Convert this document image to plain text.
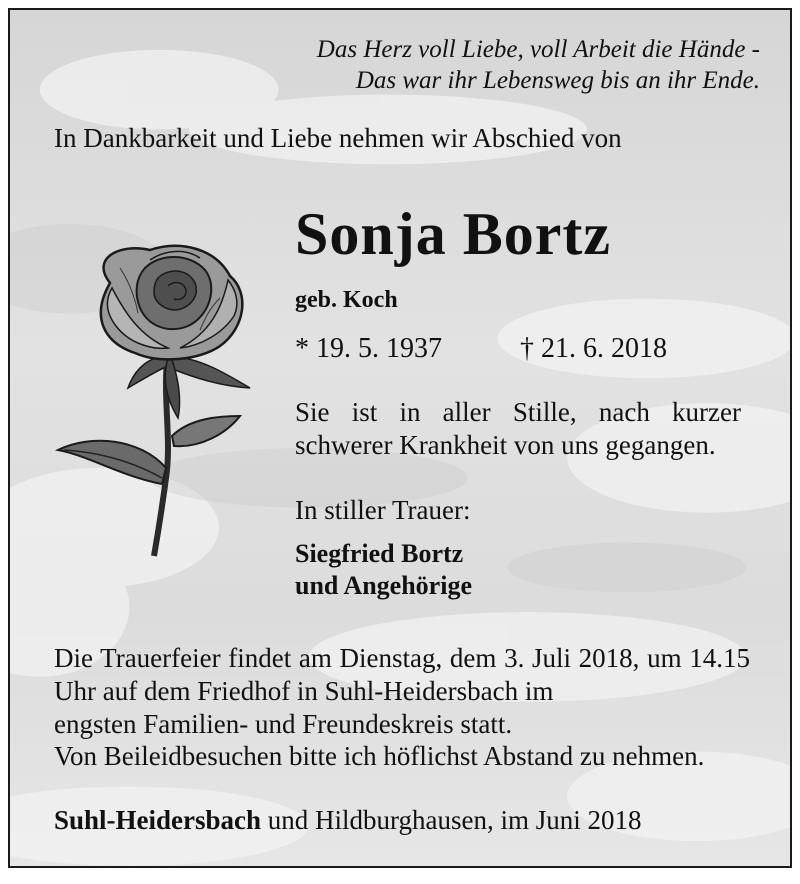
Das Herz voll Liebe, voll Arbeit die Hände -
Das war ihr Lebensweg bis an ihr Ende.
In Dankbarkeit und Liebe nehmen wir Abschied von
Sonja Bortz
geb. Koch
* 19. 5. 1937	† 21. 6. 2018
Sie ist in aller Stille, nach kurzer schwerer Krankheit von uns gegangen.
In stiller Trauer:
Siegfried Bortz
und Angehörige
Die Trauerfeier findet am Dienstag, dem 3. Juli 2018, um 14.15 Uhr auf dem Friedhof in Suhl-Heidersbach im
engsten Familien- und Freundeskreis statt.
Von Beileidbesuchen bitte ich höflichst Abstand zu nehmen.
Suhl-Heidersbach und Hildburghausen, im Juni 2018
